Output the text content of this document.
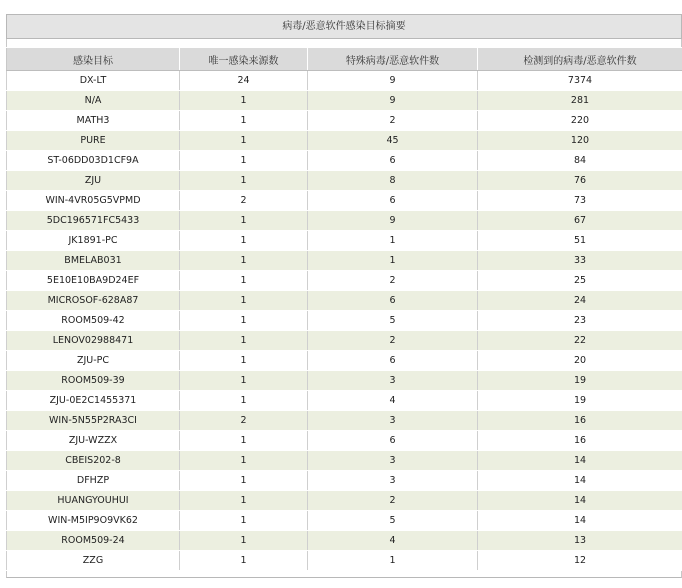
病毒/恶意软件感染目标摘要
感染目标	唯一感染来源数	特殊病毒/恶意软件数	检测到的病毒/恶意软件数
DX-LT	24	9	7374
N/A	1	9	281
MATH3	1	2	220
PURE	1	45	120
ST-06DD03D1CF9A	1	6	84
ZJU	1	8	76
WIN-4VR05G5VPMD	2	6	73
5DC196571FC5433	1	9	67
JK1891-PC	1	1	51
BMELAB031	1	1	33
5E10E10BA9D24EF	1	2	25
MICROSOF-628A87	1	6	24
ROOM509-42	1	5	23
LENOV02988471	1	2	22
ZJU-PC	1	6	20
ROOM509-39	1	3	19
ZJU-0E2C1455371	1	4	19
WIN-5N55P2RA3CI	2	3	16
ZJU-WZZX	1	6	16
CBEIS202-8	1	3	14
DFHZP	1	3	14
HUANGYOUHUI	1	2	14
WIN-M5IP9O9VK62	1	5	14
ROOM509-24	1	4	13
ZZG	1	1	12
